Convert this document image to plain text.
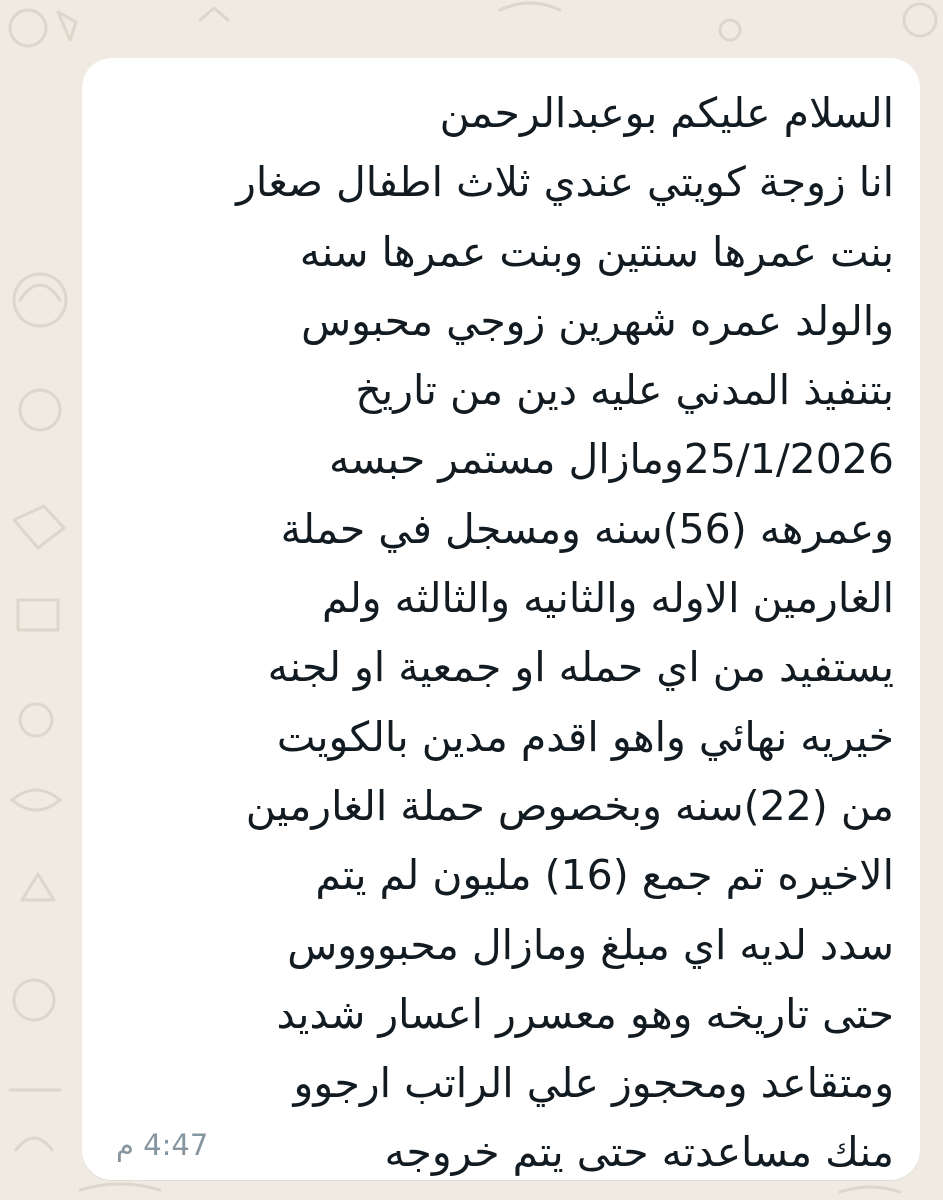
السلام عليكم بوعبدالرحمن
انا زوجة كويتي عندي ثلاث اطفال صغار
بنت عمرها سنتين وبنت عمرها سنه
والولد عمره شهرين زوجي محبوس
بتنفيذ المدني عليه دين من تاريخ
25/1/2026ومازال مستمر حبسه
وعمرهه (56)سنه ومسجل في حملة
الغارمين الاوله والثانيه والثالثه ولم
يستفيد من اي حمله او جمعية او لجنه
خيريه نهائي واهو اقدم مدين بالكويت
من (22)سنه وبخصوص حملة الغارمين
الاخيره تم جمع (16) مليون لم يتم
سدد لديه اي مبلغ ومازال محبوووس
حتى تاريخه وهو معسرر اعسار شديد
ومتقاعد ومحجوز علي الراتب ارجوو
منك مساعدته حتى يتم خروجه

4:47 م
